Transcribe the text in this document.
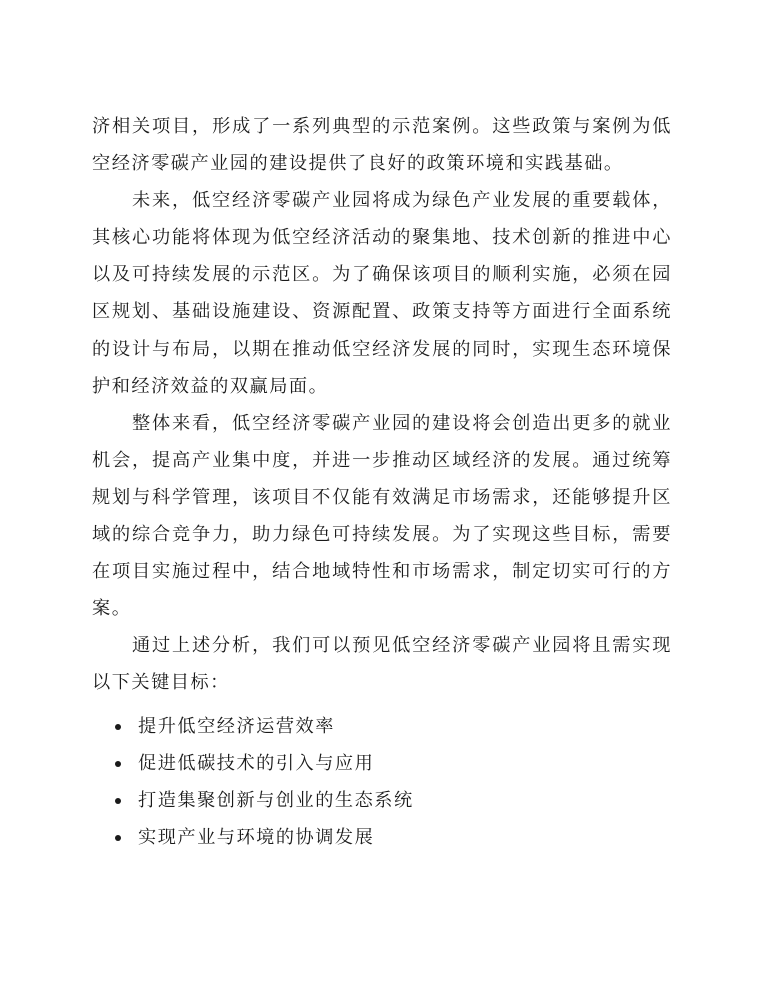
济相关项目，形成了一系列典型的示范案例。这些政策与案例为低空经济零碳产业园的建设提供了良好的政策环境和实践基础。

未来，低空经济零碳产业园将成为绿色产业发展的重要载体，其核心功能将体现为低空经济活动的聚集地、技术创新的推进中心以及可持续发展的示范区。为了确保该项目的顺利实施，必须在园区规划、基础设施建设、资源配置、政策支持等方面进行全面系统的设计与布局，以期在推动低空经济发展的同时，实现生态环境保护和经济效益的双赢局面。

整体来看，低空经济零碳产业园的建设将会创造出更多的就业机会，提高产业集中度，并进一步推动区域经济的发展。通过统筹规划与科学管理，该项目不仅能有效满足市场需求，还能够提升区域的综合竞争力，助力绿色可持续发展。为了实现这些目标，需要在项目实施过程中，结合地域特性和市场需求，制定切实可行的方案。

通过上述分析，我们可以预见低空经济零碳产业园将且需实现以下关键目标：

提升低空经济运营效率
促进低碳技术的引入与应用
打造集聚创新与创业的生态系统
实现产业与环境的协调发展
